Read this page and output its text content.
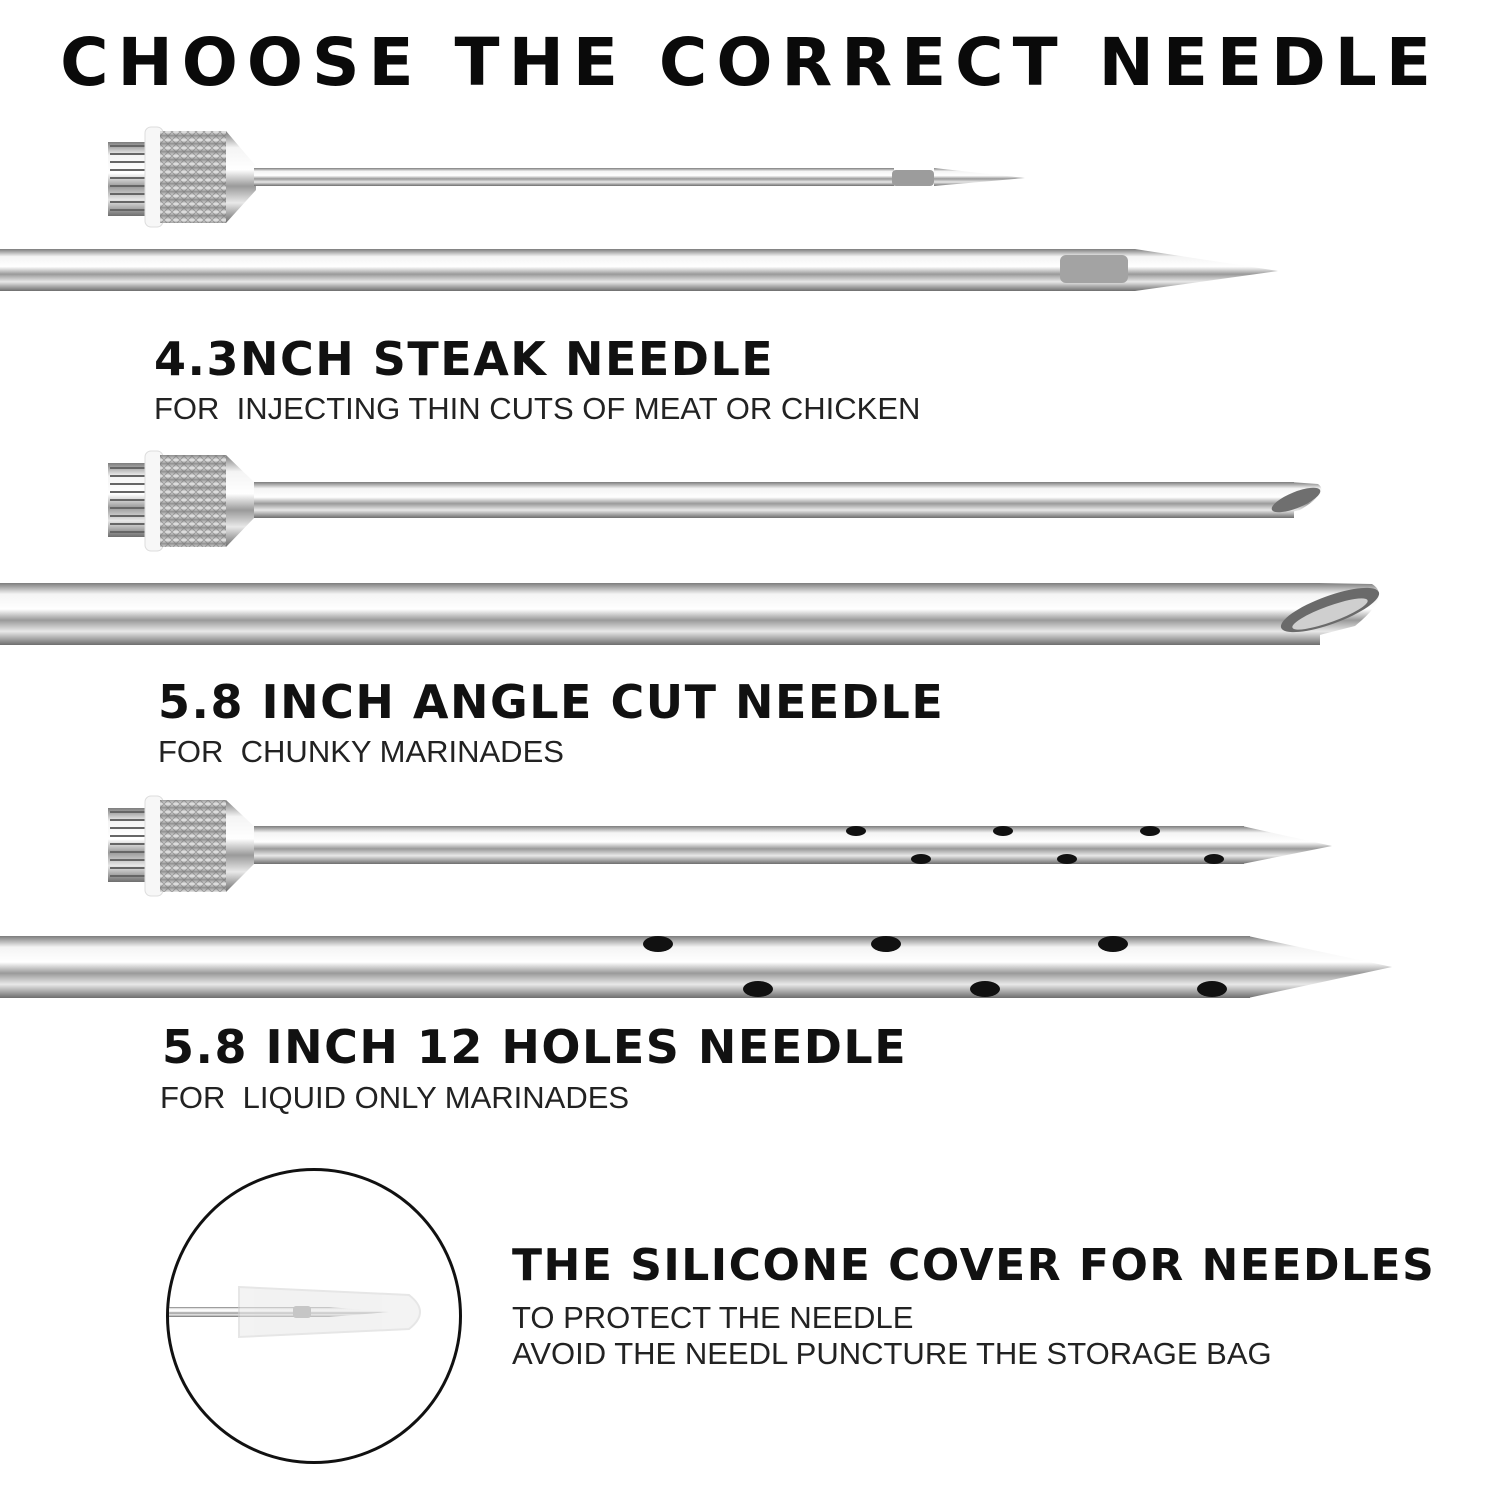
CHOOSE THE CORRECT NEEDLE
4.3NCH STEAK NEEDLE
FOR  INJECTING THIN CUTS OF MEAT OR CHICKEN
5.8 INCH ANGLE CUT NEEDLE
FOR  CHUNKY MARINADES
5.8 INCH 12 HOLES NEEDLE
FOR  LIQUID ONLY MARINADES
THE SILICONE COVER FOR NEEDLES
TO PROTECT THE NEEDLE
AVOID THE NEEDL PUNCTURE THE STORAGE BAG
